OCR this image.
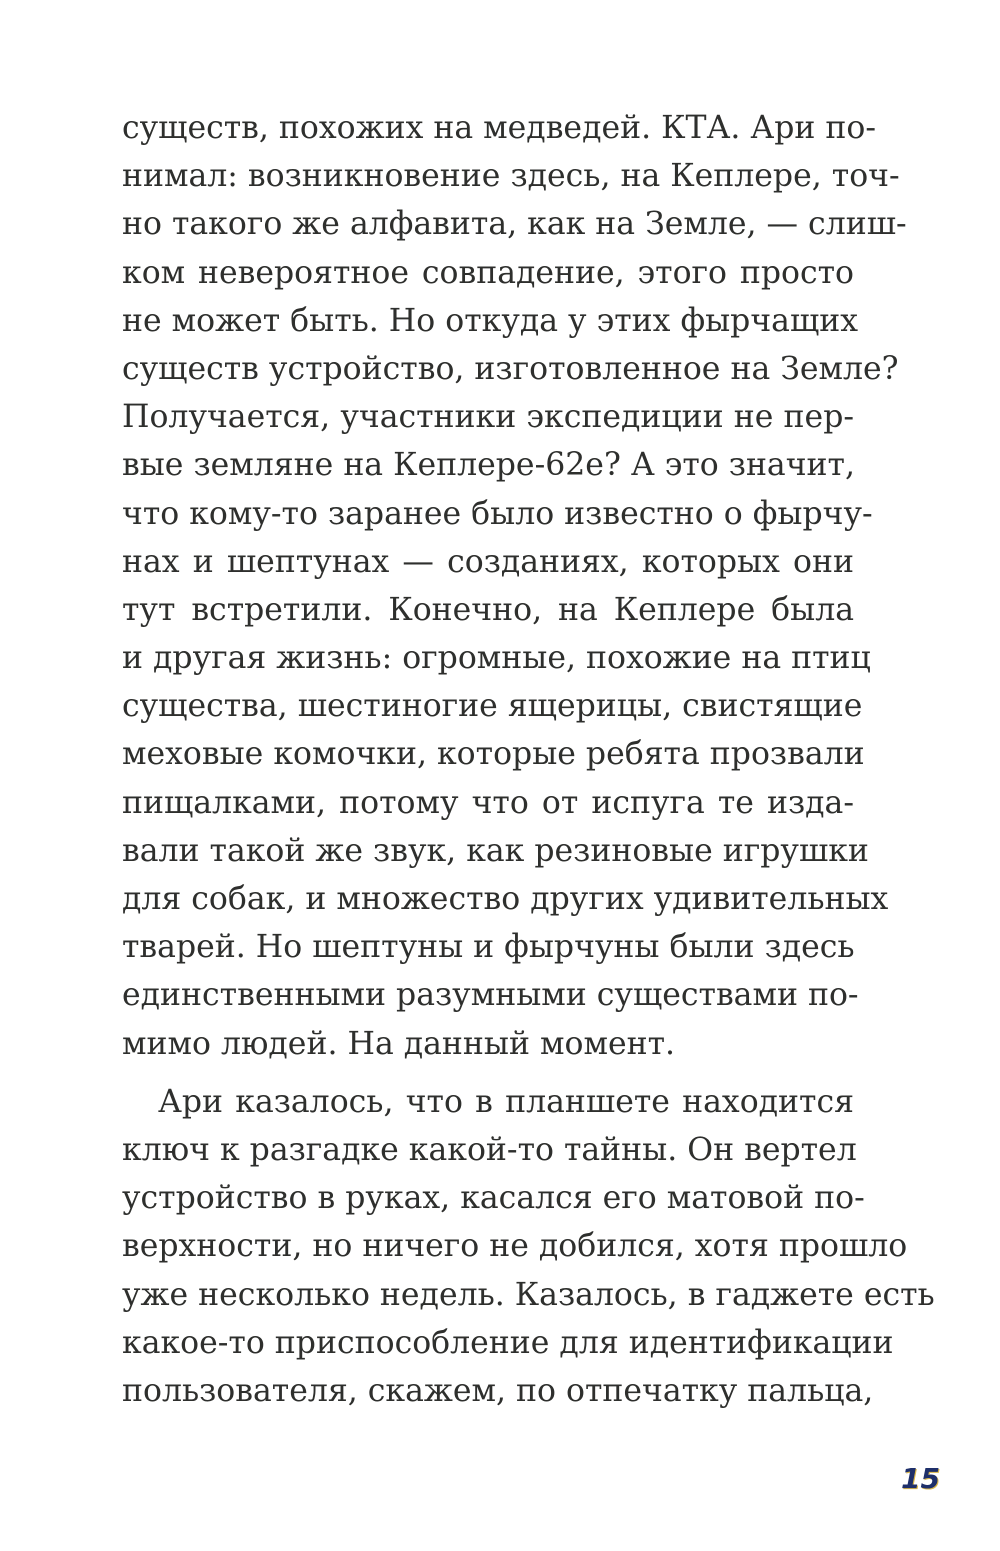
существ, похожих на медведей. КТА. Ари по-
нимал: возникновение здесь, на Кеплере, точ-
но такого же алфавита, как на Земле, — слиш-
ком невероятное совпадение, этого просто
не может быть. Но откуда у этих фырчащих
существ устройство, изготовленное на Земле?
Получается, участники экспедиции не пер-
вые земляне на Кеплере-62е? А это значит,
что кому-то заранее было известно о фырчу-
нах и шептунах — созданиях, которых они
тут встретили. Конечно, на Кеплере была
и другая жизнь: огромные, похожие на птиц
существа, шестиногие ящерицы, свистящие
меховые комочки, которые ребята прозвали
пищалками, потому что от испуга те изда-
вали такой же звук, как резиновые игрушки
для собак, и множество других удивительных
тварей. Но шептуны и фырчуны были здесь
единственными разумными существами по-
мимо людей. На данный момент.
Ари казалось, что в планшете находится
ключ к разгадке какой-то тайны. Он вертел
устройство в руках, касался его матовой по-
верхности, но ничего не добился, хотя прошло
уже несколько недель. Казалось, в гаджете есть
какое-то приспособление для идентификации
пользователя, скажем, по отпечатку пальца,
15
